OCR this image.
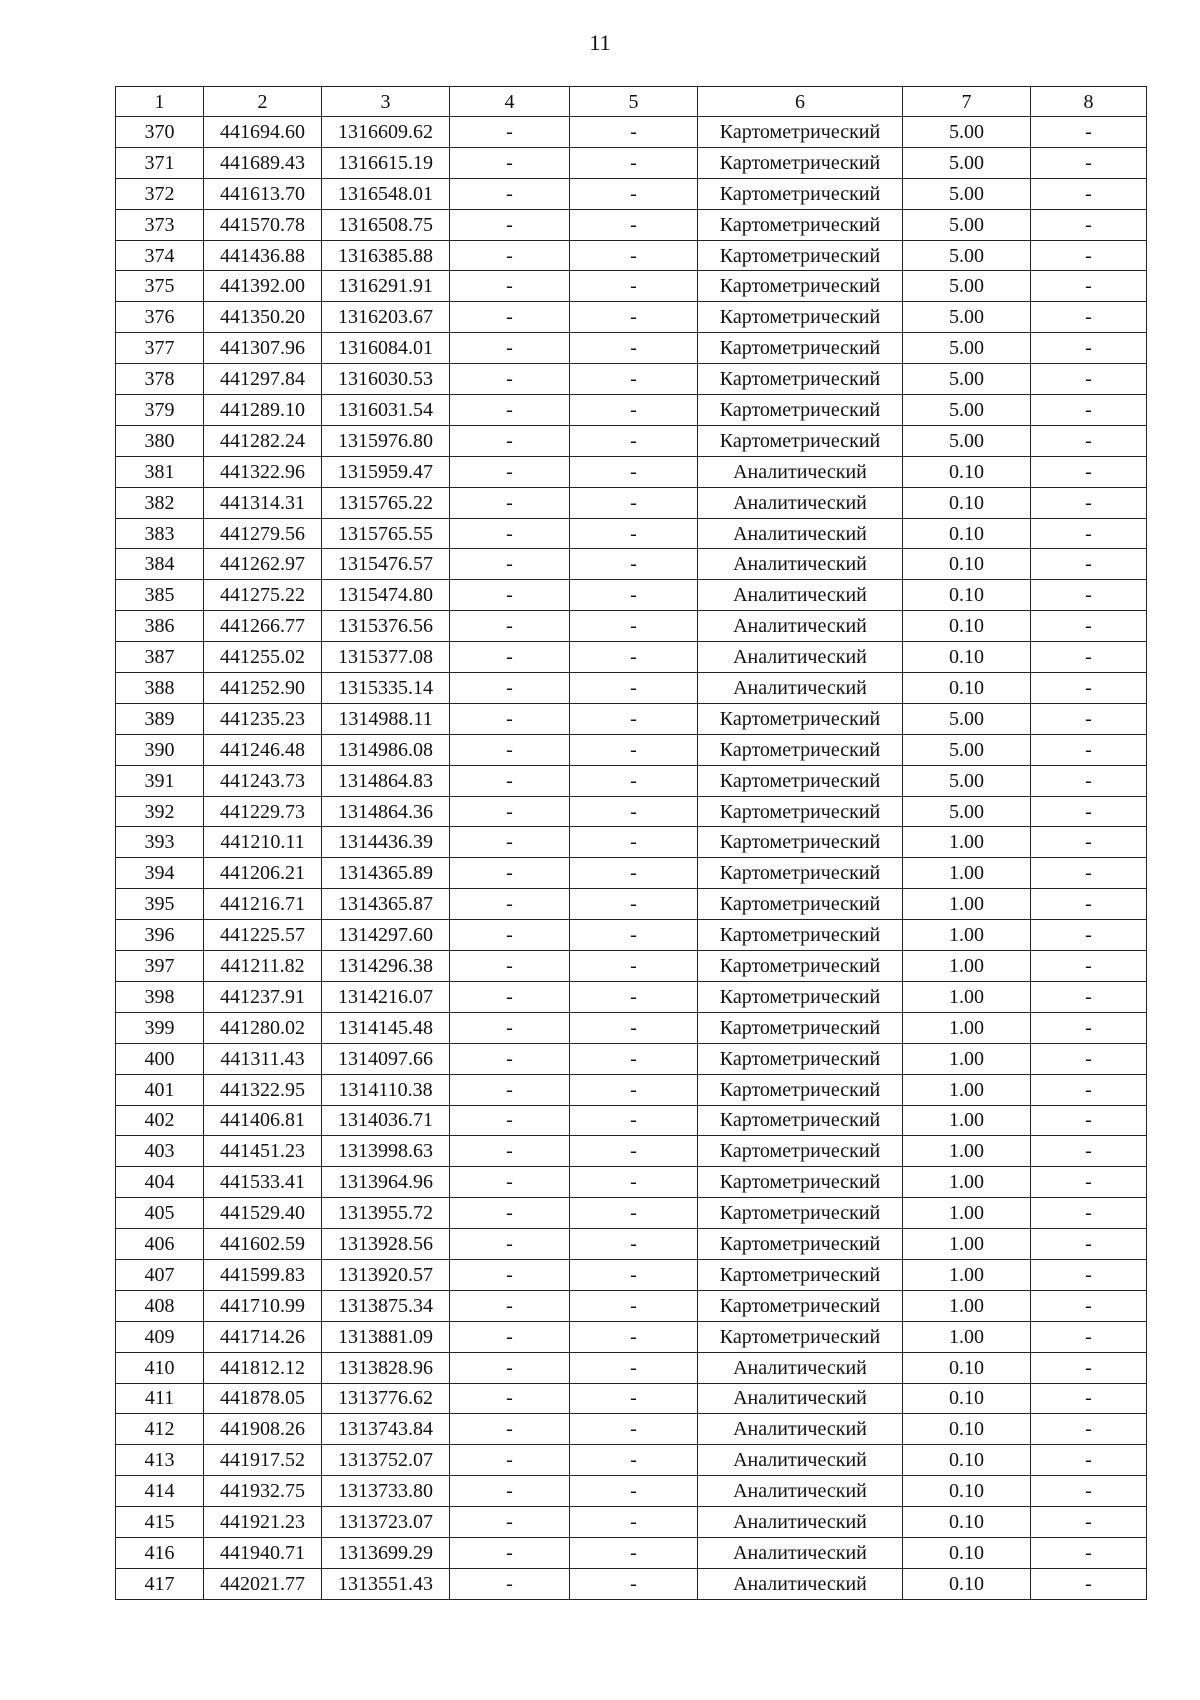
11
1	2	3	4	5	6	7	8
370	441694.60	1316609.62	-	-	Картометрический	5.00	-
371	441689.43	1316615.19	-	-	Картометрический	5.00	-
372	441613.70	1316548.01	-	-	Картометрический	5.00	-
373	441570.78	1316508.75	-	-	Картометрический	5.00	-
374	441436.88	1316385.88	-	-	Картометрический	5.00	-
375	441392.00	1316291.91	-	-	Картометрический	5.00	-
376	441350.20	1316203.67	-	-	Картометрический	5.00	-
377	441307.96	1316084.01	-	-	Картометрический	5.00	-
378	441297.84	1316030.53	-	-	Картометрический	5.00	-
379	441289.10	1316031.54	-	-	Картометрический	5.00	-
380	441282.24	1315976.80	-	-	Картометрический	5.00	-
381	441322.96	1315959.47	-	-	Аналитический	0.10	-
382	441314.31	1315765.22	-	-	Аналитический	0.10	-
383	441279.56	1315765.55	-	-	Аналитический	0.10	-
384	441262.97	1315476.57	-	-	Аналитический	0.10	-
385	441275.22	1315474.80	-	-	Аналитический	0.10	-
386	441266.77	1315376.56	-	-	Аналитический	0.10	-
387	441255.02	1315377.08	-	-	Аналитический	0.10	-
388	441252.90	1315335.14	-	-	Аналитический	0.10	-
389	441235.23	1314988.11	-	-	Картометрический	5.00	-
390	441246.48	1314986.08	-	-	Картометрический	5.00	-
391	441243.73	1314864.83	-	-	Картометрический	5.00	-
392	441229.73	1314864.36	-	-	Картометрический	5.00	-
393	441210.11	1314436.39	-	-	Картометрический	1.00	-
394	441206.21	1314365.89	-	-	Картометрический	1.00	-
395	441216.71	1314365.87	-	-	Картометрический	1.00	-
396	441225.57	1314297.60	-	-	Картометрический	1.00	-
397	441211.82	1314296.38	-	-	Картометрический	1.00	-
398	441237.91	1314216.07	-	-	Картометрический	1.00	-
399	441280.02	1314145.48	-	-	Картометрический	1.00	-
400	441311.43	1314097.66	-	-	Картометрический	1.00	-
401	441322.95	1314110.38	-	-	Картометрический	1.00	-
402	441406.81	1314036.71	-	-	Картометрический	1.00	-
403	441451.23	1313998.63	-	-	Картометрический	1.00	-
404	441533.41	1313964.96	-	-	Картометрический	1.00	-
405	441529.40	1313955.72	-	-	Картометрический	1.00	-
406	441602.59	1313928.56	-	-	Картометрический	1.00	-
407	441599.83	1313920.57	-	-	Картометрический	1.00	-
408	441710.99	1313875.34	-	-	Картометрический	1.00	-
409	441714.26	1313881.09	-	-	Картометрический	1.00	-
410	441812.12	1313828.96	-	-	Аналитический	0.10	-
411	441878.05	1313776.62	-	-	Аналитический	0.10	-
412	441908.26	1313743.84	-	-	Аналитический	0.10	-
413	441917.52	1313752.07	-	-	Аналитический	0.10	-
414	441932.75	1313733.80	-	-	Аналитический	0.10	-
415	441921.23	1313723.07	-	-	Аналитический	0.10	-
416	441940.71	1313699.29	-	-	Аналитический	0.10	-
417	442021.77	1313551.43	-	-	Аналитический	0.10	-
